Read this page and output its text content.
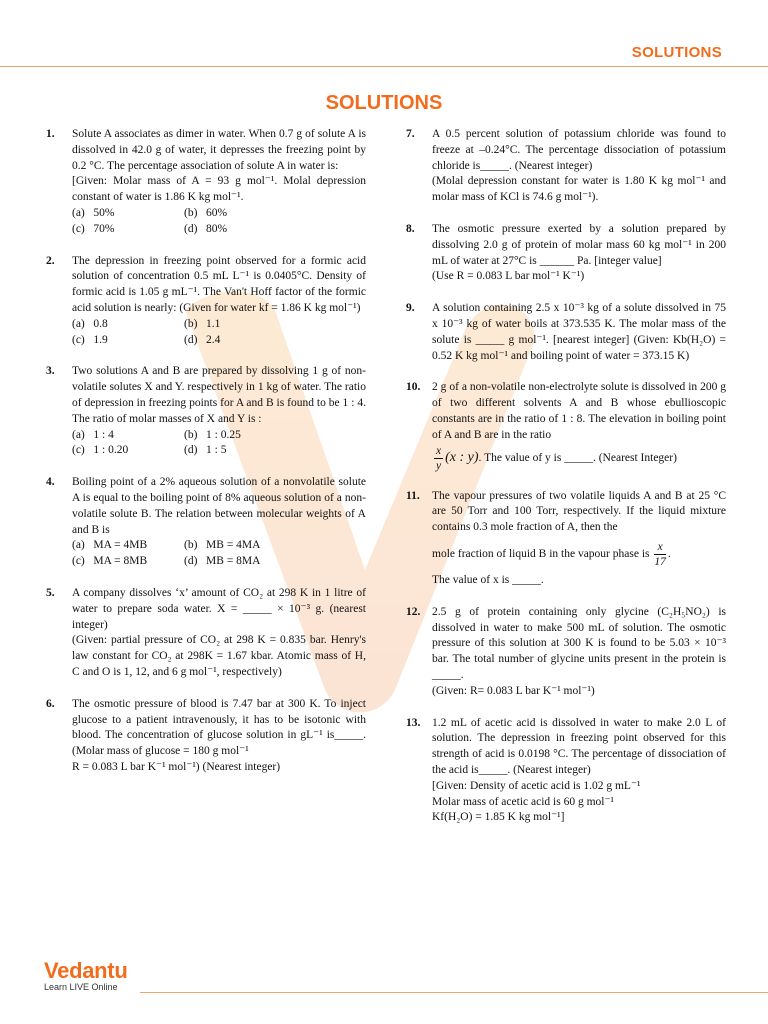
SOLUTIONS
SOLUTIONS
1. Solute A associates as dimer in water. When 0.7 g of solute A is dissolved in 42.0 g of water, it depresses the freezing point by 0.2 °C. The percentage association of solute A in water is:

[Given: Molar mass of A = 93 g mol⁻¹. Molal depression constant of water is 1.86 K kg mol⁻¹.

(a) 50%	(b) 60%
(c) 70%	(d) 80%
2. The depression in freezing point observed for a formic acid solution of concentration 0.5 mL L⁻¹ is 0.0405°C. Density of formic acid is 1.05 g mL⁻¹. The Van't Hoff factor of the formic acid solution is nearly: (Given for water kf = 1.86 K kg mol⁻¹)

(a) 0.8	(b) 1.1
(c) 1.9	(d) 2.4
3. Two solutions A and B are prepared by dissolving 1 g of non-volatile solutes X and Y. respectively in 1 kg of water. The ratio of depression in freezing points for A and B is found to be 1 : 4. The ratio of molar masses of X and Y is :

(a) 1 : 4	(b) 1 : 0.25
(c) 1 : 0.20	(d) 1 : 5
4. Boiling point of a 2% aqueous solution of a nonvolatile solute A is equal to the boiling point of 8% aqueous solution of a non-volatile solute B. The relation between molecular weights of A and B is

(a) MA = 4MB	(b) MB = 4MA
(c) MA = 8MB	(d) MB = 8MA
5. A company dissolves ‘x’ amount of CO₂ at 298 K in 1 litre of water to prepare soda water. X = _____ × 10⁻³ g. (nearest integer)

(Given: partial pressure of CO₂ at 298 K = 0.835 bar. Henry's law constant for CO₂ at 298K = 1.67 kbar. Atomic mass of H, C and O is 1, 12, and 6 g mol⁻¹, respectively)

6. The osmotic pressure of blood is 7.47 bar at 300 K. To inject glucose to a patient intravenously, it has to be isotonic with blood. The concentration of glucose solution in gL⁻¹ is_____. (Molar mass of glucose = 180 g mol⁻¹

R = 0.083 L bar K⁻¹ mol⁻¹) (Nearest integer)

7. A 0.5 percent solution of potassium chloride was found to freeze at –0.24°C. The percentage dissociation of potassium chloride is_____. (Nearest integer)

(Molal depression constant for water is 1.80 K kg mol⁻¹ and molar mass of KCl is 74.6 g mol⁻¹).

8. The osmotic pressure exerted by a solution prepared by dissolving 2.0 g of protein of molar mass 60 kg mol⁻¹ in 200 mL of water at 27°C is ______ Pa. [integer value]

(Use R = 0.083 L bar mol⁻¹ K⁻¹)

9. A solution containing 2.5 x 10⁻³ kg of a solute dissolved in 75 x 10⁻³ kg of water boils at 373.535 K. The molar mass of the solute is _____ g mol⁻¹. [nearest integer] (Given: Kb(H₂O) = 0.52 K kg mol⁻¹ and boiling point of water = 373.15 K)

10. 2 g of a non-volatile non-electrolyte solute is dissolved in 200 g of two different solvents A and B whose ebullioscopic constants are in the ratio of 1 : 8. The elevation in boiling point of A and B are in the ratio

$\frac{x}{y} (x$ : y). The value of y is _____. (Nearest Integer)

11. The vapour pressures of two volatile liquids A and B at 25 °C are 50 Torr and 100 Torr, respectively. If the liquid mixture contains 0.3 mole fraction of A, then the

mole fraction of liquid B in the vapour phase is $\frac{x}{17}$ .

The value of x is _____.

12. 2.5 g of protein containing only glycine (C₂H₅NO₂) is dissolved in water to make 500 mL of solution. The osmotic pressure of this solution at 300 K is found to be 5.03 × 10⁻³ bar. The total number of glycine units present in the protein is _____.

(Given: R= 0.083 L bar K⁻¹ mol⁻¹)

13. 1.2 mL of acetic acid is dissolved in water to make 2.0 L of solution. The depression in freezing point observed for this strength of acid is 0.0198 °C. The percentage of dissociation of the acid is_____. (Nearest integer)

[Given: Density of acetic acid is 1.02 g mL⁻¹

Molar mass of acetic acid is 60 g mol⁻¹

Kf(H₂O) = 1.85 K kg mol⁻¹]

Vedantu
Learn LIVE Online
